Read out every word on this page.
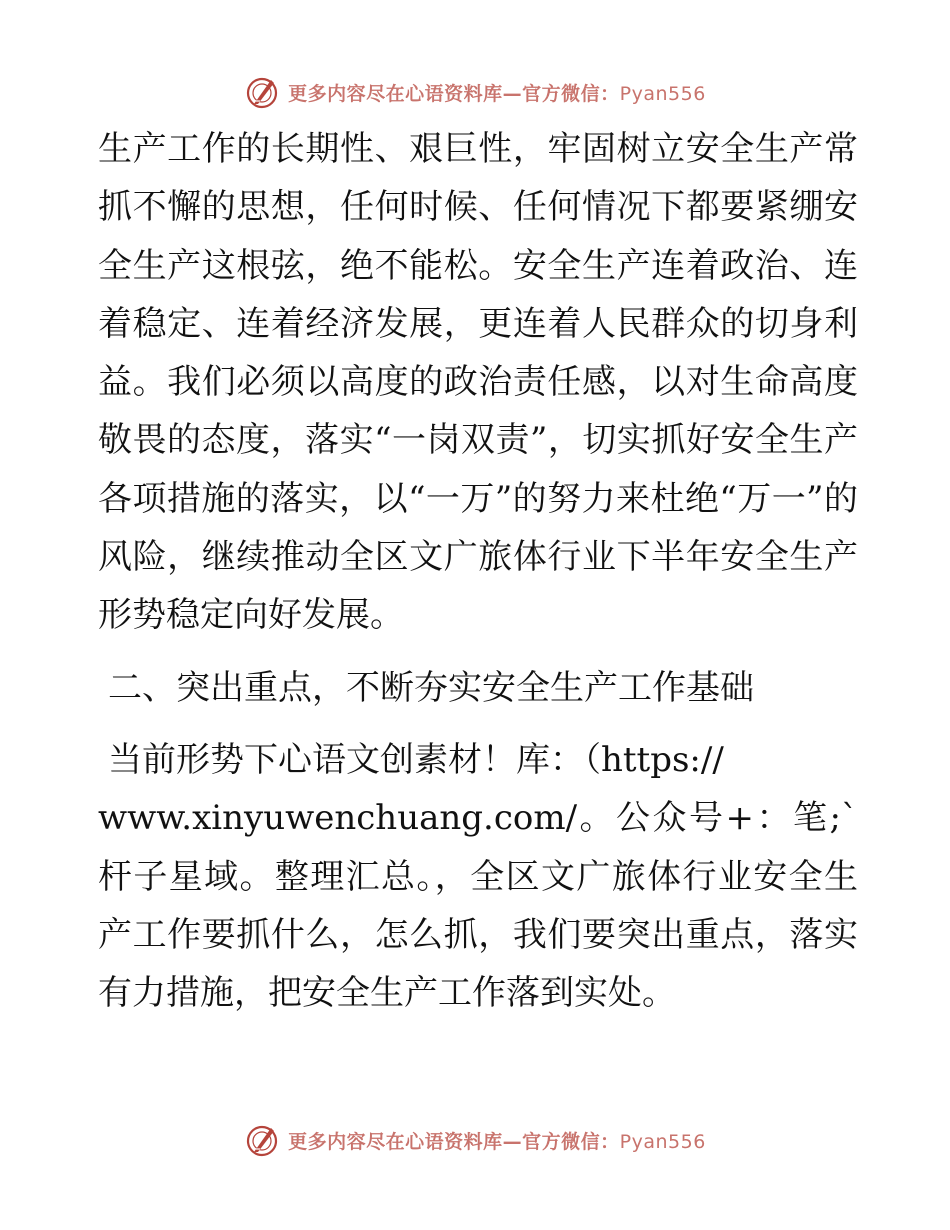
更多内容尽在心语资料库—官方微信：Pyan556

生产工作的长期性、艰巨性，牢固树立安全生产常抓不懈的思想，任何时候、任何情况下都要紧绷安全生产这根弦，绝不能松。安全生产连着政治、连着稳定、连着经济发展，更连着人民群众的切身利益。我们必须以高度的政治责任感，以对生命高度敬畏的态度，落实“一岗双责”，切实抓好安全生产各项措施的落实，以“一万”的努力来杜绝“万一”的风险，继续推动全区文广旅体行业下半年安全生产形势稳定向好发展。

二、突出重点，不断夯实安全生产工作基础

当前形势下心语文创素材！库：（https://
www.xinyuwenchuang.com/。公众号+：笔;`杆子星域。整理汇总。，全区文广旅体行业安全生产工作要抓什么，怎么抓，我们要突出重点，落实有力措施，把安全生产工作落到实处。

更多内容尽在心语资料库—官方微信：Pyan556
